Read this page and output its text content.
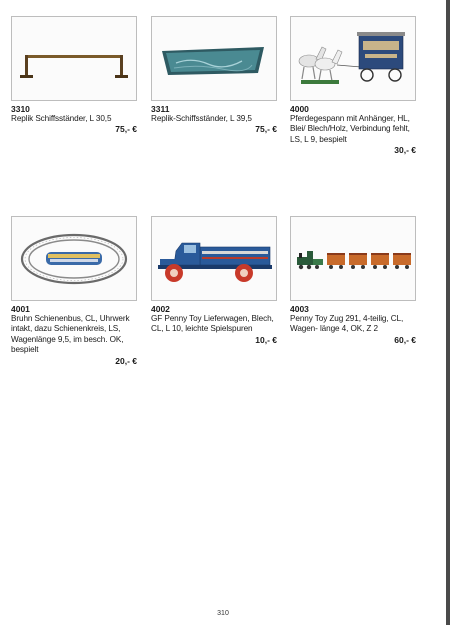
3310
Replik Schiffsständer, L 30,5
75,- €
3311
Replik-Schiffsständer, L 39,5
75,- €
4000
Pferdegespann mit Anhänger, HL, Blei/ Blech/Holz, Verbindung fehlt, LS, L 9, bespielt
30,- €
4001
Bruhn Schienenbus, CL, Uhrwerk intakt, dazu Schienenkreis, LS, Wagenlänge 9,5, im besch. OK, bespielt
20,- €
4002
GF Penny Toy Lieferwagen, Blech, CL, L 10, leichte Spielspuren
10,- €
4003
Penny Toy Zug 291, 4-teilig, CL, Wagen- länge 4, OK, Z 2
60,- €
310
